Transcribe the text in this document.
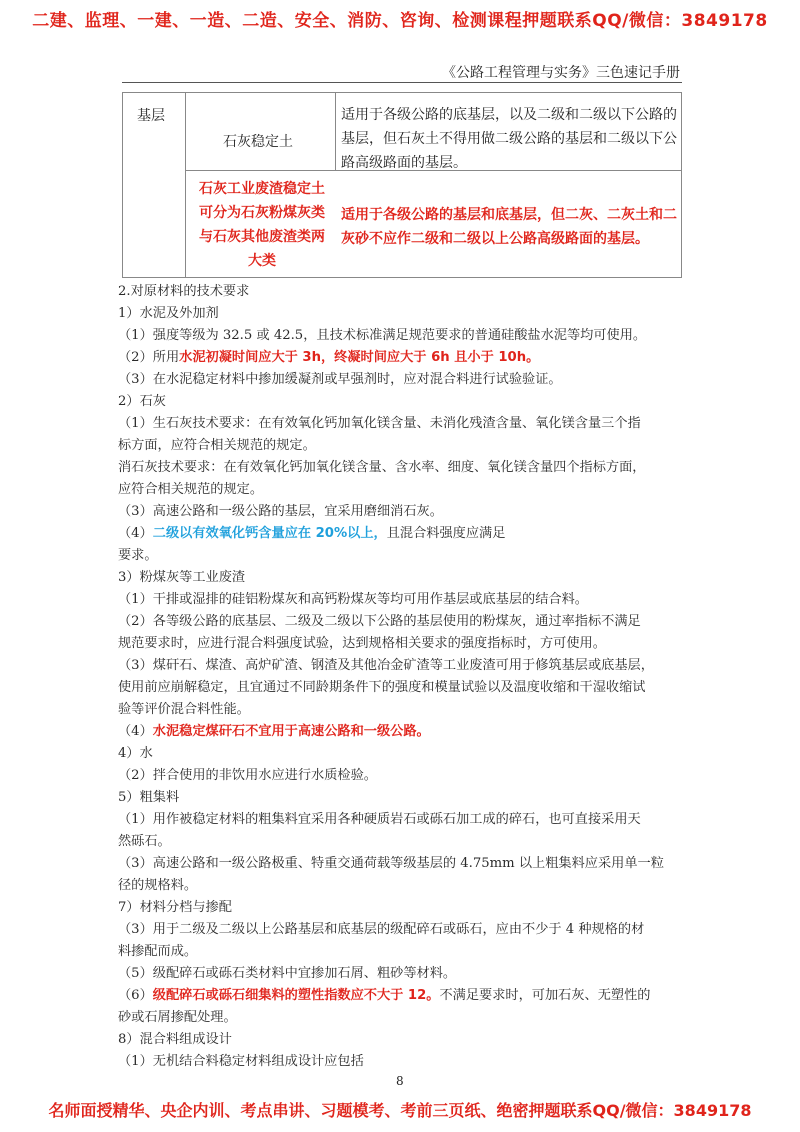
二建、监理、一建、一造、二造、安全、消防、咨询、检测课程押题联系QQ/微信：3849178
《公路工程管理与实务》三色速记手册
基层
石灰稳定土
适用于各级公路的底基层，以及二级和二级以下公路的
基层，但石灰土不得用做二级公路的基层和二级以下公
路高级路面的基层。
石灰工业废渣稳定土
可分为石灰粉煤灰类
与石灰其他废渣类两
大类
适用于各级公路的基层和底基层，但二灰、二灰土和二
灰砂不应作二级和二级以上公路高级路面的基层。
2.对原材料的技术要求
1）水泥及外加剂
（1）强度等级为 32.5 或 42.5，且技术标准满足规范要求的普通硅酸盐水泥等均可使用。
（2）所用水泥初凝时间应大于 3h，终凝时间应大于 6h 且小于 10h。
（3）在水泥稳定材料中掺加缓凝剂或早强剂时，应对混合料进行试验验证。
2）石灰
（1）生石灰技术要求：在有效氧化钙加氧化镁含量、未消化残渣含量、氧化镁含量三个指
标方面，应符合相关规范的规定。
消石灰技术要求：在有效氧化钙加氧化镁含量、含水率、细度、氧化镁含量四个指标方面，
应符合相关规范的规定。
（3）高速公路和一级公路的基层，宜采用磨细消石灰。
（4）二级以有效氧化钙含量应在 20%以上，且混合料强度应满足
要求。
3）粉煤灰等工业废渣
（1）干排或湿排的硅铝粉煤灰和高钙粉煤灰等均可用作基层或底基层的结合料。
（2）各等级公路的底基层、二级及二级以下公路的基层使用的粉煤灰，通过率指标不满足
规范要求时，应进行混合料强度试验，达到规格相关要求的强度指标时，方可使用。
（3）煤矸石、煤渣、高炉矿渣、钢渣及其他冶金矿渣等工业废渣可用于修筑基层或底基层，
使用前应崩解稳定，且宜通过不同龄期条件下的强度和模量试验以及温度收缩和干湿收缩试
验等评价混合料性能。
（4）水泥稳定煤矸石不宜用于高速公路和一级公路。
4）水
（2）拌合使用的非饮用水应进行水质检验。
5）粗集料
（1）用作被稳定材料的粗集料宜采用各种硬质岩石或砾石加工成的碎石，也可直接采用天
然砾石。
（3）高速公路和一级公路极重、特重交通荷载等级基层的 4.75mm 以上粗集料应采用单一粒
径的规格料。
7）材料分档与掺配
（3）用于二级及二级以上公路基层和底基层的级配碎石或砾石，应由不少于 4 种规格的材
料掺配而成。
（5）级配碎石或砾石类材料中宜掺加石屑、粗砂等材料。
（6）级配碎石或砾石细集料的塑性指数应不大于 12。不满足要求时，可加石灰、无塑性的
砂或石屑掺配处理。
8）混合料组成设计
（1）无机结合料稳定材料组成设计应包括
8
名师面授精华、央企内训、考点串讲、习题模考、考前三页纸、绝密押题联系QQ/微信：3849178
